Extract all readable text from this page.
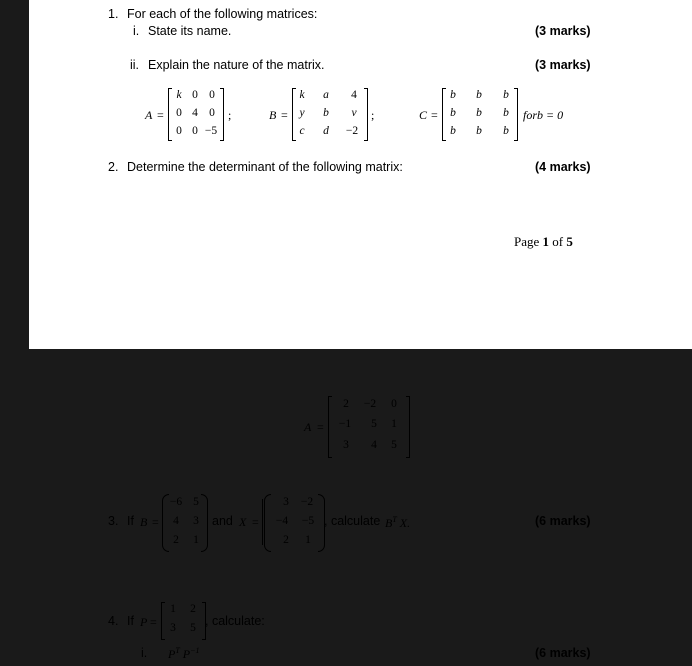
1. For each of the following matrices:
i. State its name.	(3 marks)
ii. Explain the nature of the matrix.	(3 marks)
A =
k 0 0
0 4 0
0 0 −5
;	B =
k	a	4
y	b	v
c	d	−2
;	C =
b	b	b
b	b	b
b	b	b
forb = 0
2. Determine the determinant of the following matrix:	(4 marks)
Page 1 of 5
A =
2	−2	0
−1	5	1
3	4	5
3. If B =
−6 5
4	3
2	1
and X =
3	−2
−4	−5
2	1
, calculate $B^T$ X.	(6 marks)
4. If P =
1	2
3	5 , calculate:
i. $P^T$ $P^{-1}$	(6 marks)
